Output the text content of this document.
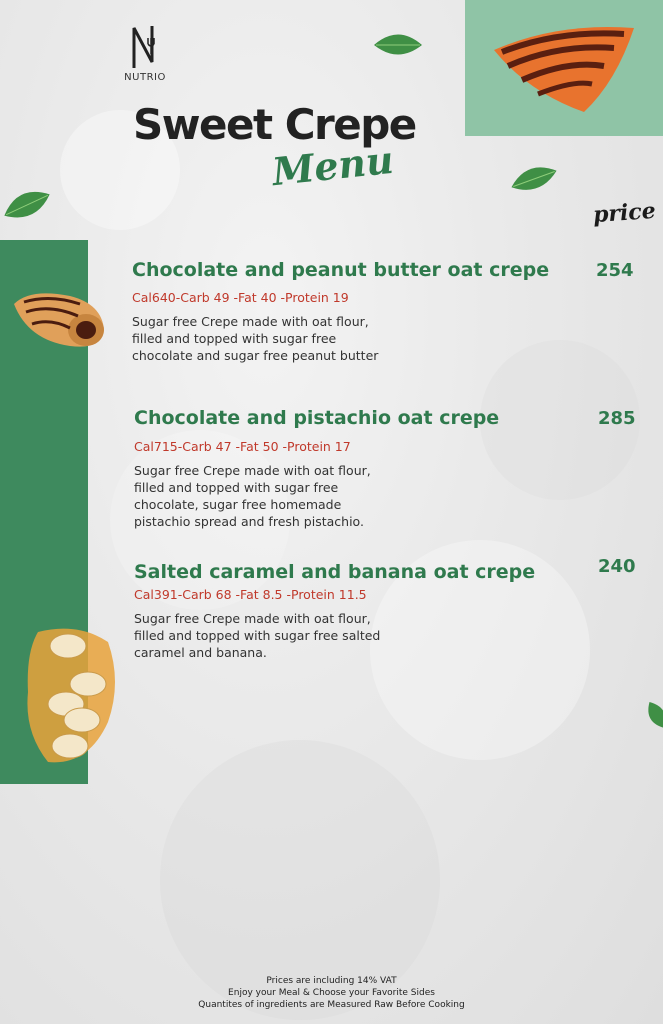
NUTRIO
Sweet Crepe
Menu
price
Chocolate and peanut butter oat crepe	254
Cal640-Carb 49 -Fat 40 -Protein 19
Sugar free Crepe made with oat flour, filled and topped with sugar free chocolate and sugar free peanut butter
Chocolate and pistachio oat crepe	285
Cal715-Carb 47 -Fat 50 -Protein 17
Sugar free Crepe made with oat flour, filled and topped with sugar free chocolate, sugar free homemade pistachio spread and fresh pistachio.
Salted caramel and banana oat crepe	240
Cal391-Carb 68 -Fat 8.5 -Protein 11.5
Sugar free Crepe made with oat flour, filled and topped with sugar free salted caramel and banana.
Prices are including 14% VAT
Enjoy your Meal & Choose your Favorite Sides
Quantites of ingredients are Measured Raw Before Cooking
